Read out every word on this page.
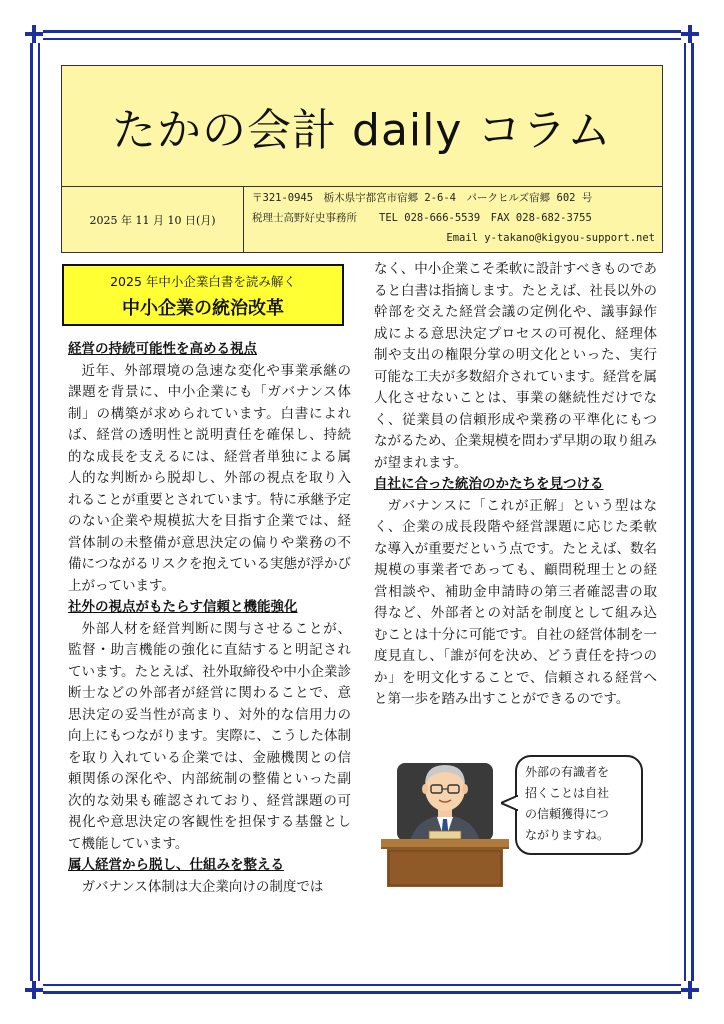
たかの会計 daily コラム
2025 年 11 月 10 日(月)
〒321-0945　栃木県宇都宮市宿郷 2-6-4　パークヒルズ宿郷 602 号
税理士高野好史事務所 TEL 028-666-5539　FAX 028-682-3755
Email y-takano@kigyou-support.net
2025 年中小企業白書を読み解く
中小企業の統治改革
経営の持続可能性を高める視点

近年、外部環境の急速な変化や事業承継の課題を背景に、中小企業にも「ガバナンス体制」の構築が求められています。白書によれば、経営の透明性と説明責任を確保し、持続的な成長を支えるには、経営者単独による属人的な判断から脱却し、外部の視点を取り入れることが重要とされています。特に承継予定のない企業や規模拡大を目指す企業では、経営体制の未整備が意思決定の偏りや業務の不備につながるリスクを抱えている実態が浮かび上がっています。

社外の視点がもたらす信頼と機能強化

外部人材を経営判断に関与させることが、監督・助言機能の強化に直結すると明記されています。たとえば、社外取締役や中小企業診断士などの外部者が経営に関わることで、意思決定の妥当性が高まり、対外的な信用力の向上にもつながります。実際に、こうした体制を取り入れている企業では、金融機関との信頼関係の深化や、内部統制の整備といった副次的な効果も確認されており、経営課題の可視化や意思決定の客観性を担保する基盤として機能しています。

属人経営から脱し、仕組みを整える

ガバナンス体制は大企業向けの制度では

なく、中小企業こそ柔軟に設計すべきものであると白書は指摘します。たとえば、社長以外の幹部を交えた経営会議の定例化や、議事録作成による意思決定プロセスの可視化、経理体制や支出の権限分掌の明文化といった、実行可能な工夫が多数紹介されています。経営を属人化させないことは、事業の継続性だけでなく、従業員の信頼形成や業務の平準化にもつながるため、企業規模を問わず早期の取り組みが望まれます。

自社に合った統治のかたちを見つける

ガバナンスに「これが正解」という型はなく、企業の成長段階や経営課題に応じた柔軟な導入が重要だという点です。たとえば、数名規模の事業者であっても、顧問税理士との経営相談や、補助金申請時の第三者確認書の取得など、外部者との対話を制度として組み込むことは十分に可能です。自社の経営体制を一度見直し、「誰が何を決め、どう責任を持つのか」を明文化することで、信頼される経営へと第一歩を踏み出すことができるのです。

外部の有識者を
招くことは自社
の信頼獲得につ
ながりますね。
